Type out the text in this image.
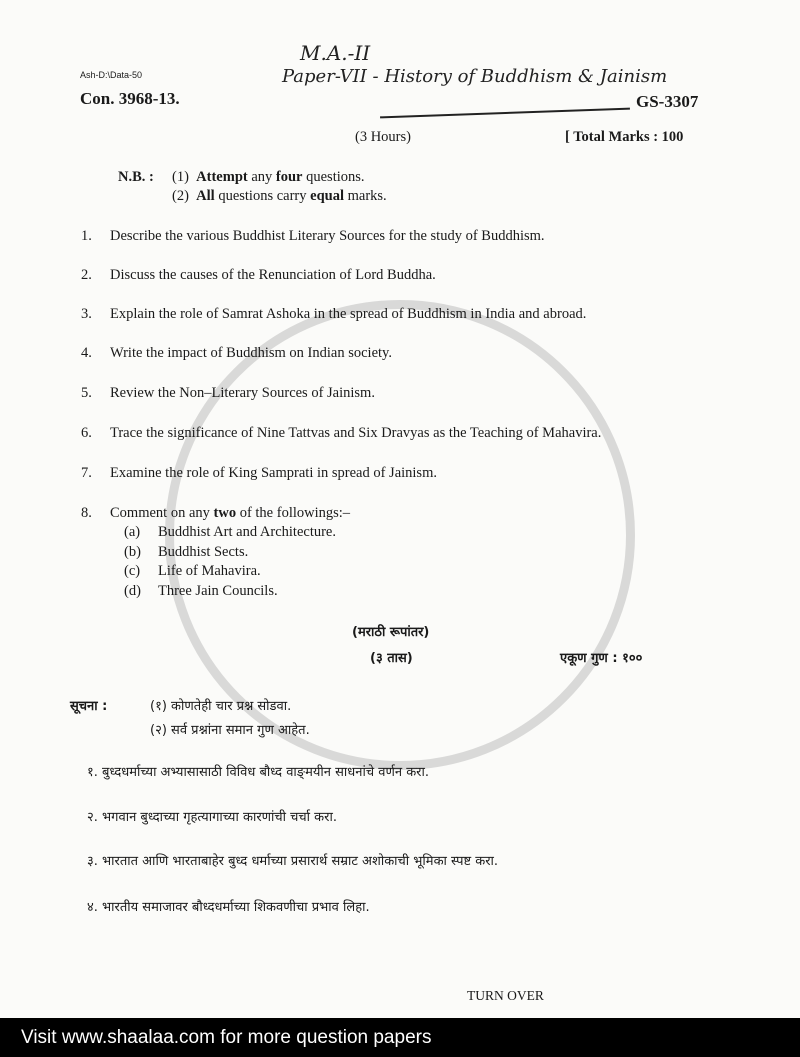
Ash-D:\Data-50
Con. 3968-13.
M.A.-II
Paper-VII - History of Buddhism & Jainism
GS-3307
(3 Hours)	[ Total Marks : 100
N.B. : (1) Attempt any four questions.
(2) All questions carry equal marks.
1. Describe the various Buddhist Literary Sources for the study of Buddhism.
2. Discuss the causes of the Renunciation of Lord Buddha.
3. Explain the role of Samrat Ashoka in the spread of Buddhism in India and abroad.
4. Write the impact of Buddhism on Indian society.
5. Review the Non–Literary Sources of Jainism.
6. Trace the significance of Nine Tattvas and Six Dravyas as the Teaching of Mahavira.
7. Examine the role of King Samprati in spread of Jainism.
8. Comment on any two of the followings:–
(a) Buddhist Art and Architecture.
(b) Buddhist Sects.
(c) Life of Mahavira.
(d) Three Jain Councils.
(मराठी रूपांतर)
(३ तास)	एकूण गुण : १००
सूचना :	(१) कोणतेही चार प्रश्न सोडवा.
(२) सर्व प्रश्नांना समान गुण आहेत.
१. बुध्दधर्माच्या अभ्यासासाठी विविध बौध्द वाङ्‌मयीन साधनांचे वर्णन करा.
२. भगवान बुध्दाच्या गृहत्यागाच्या कारणांची चर्चा करा.
३. भारतात आणि भारताबाहेर बुध्द धर्माच्या प्रसारार्थ सम्राट अशोकाची भूमिका स्पष्ट करा.
४. भारतीय समाजावर बौध्दधर्माच्या शिकवणीचा प्रभाव लिहा.
TURN OVER
Visit www.shaalaa.com for more question papers
